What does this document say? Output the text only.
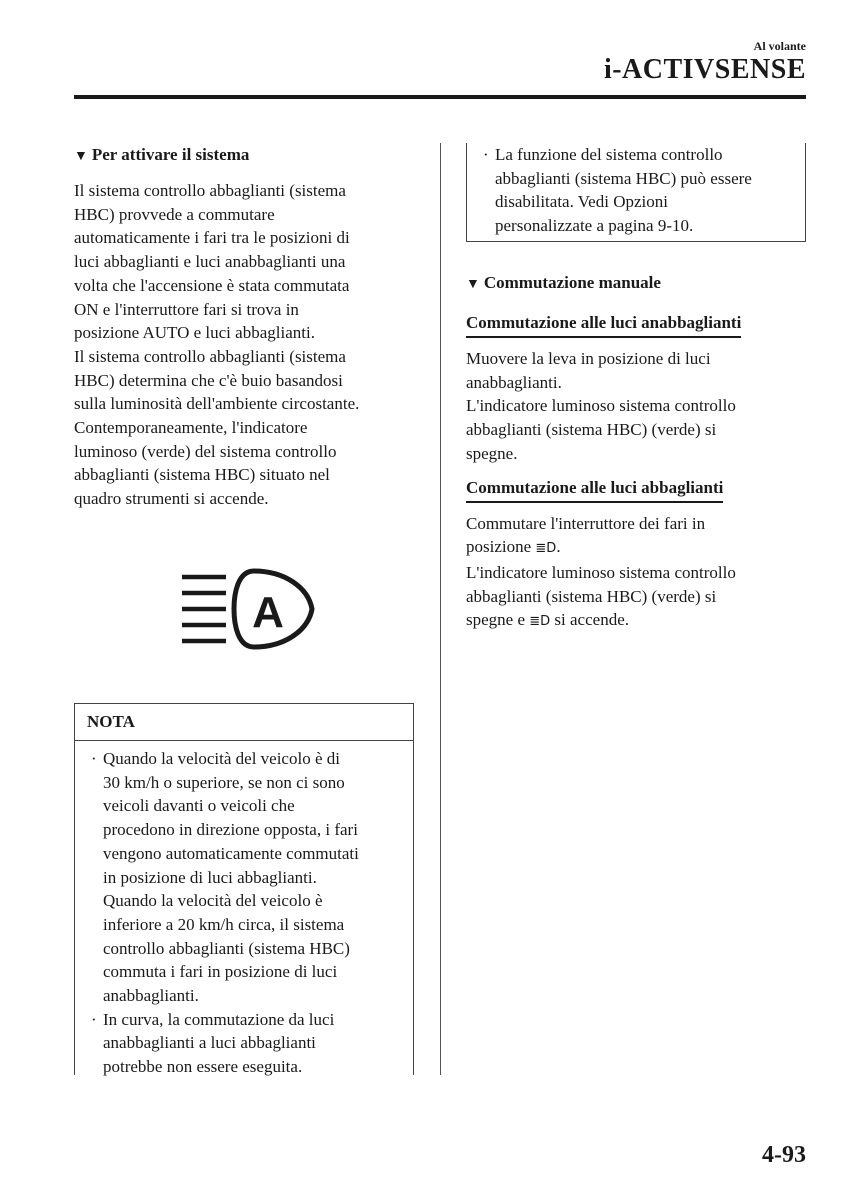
Al volante
i-ACTIVSENSE
▼ Per attivare il sistema

Il sistema controllo abbaglianti (sistema
HBC) provvede a commutare
automaticamente i fari tra le posizioni di
luci abbaglianti e luci anabbaglianti una
volta che l'accensione è stata commutata
ON e l'interruttore fari si trova in
posizione AUTO e luci abbaglianti.
Il sistema controllo abbaglianti (sistema
HBC) determina che c'è buio basandosi
sulla luminosità dell'ambiente circostante.
Contemporaneamente, l'indicatore
luminoso (verde) del sistema controllo
abbaglianti (sistema HBC) situato nel
quadro strumenti si accende.

A
NOTA
· Quando la velocità del veicolo è di
30 km/h o superiore, se non ci sono
veicoli davanti o veicoli che
procedono in direzione opposta, i fari
vengono automaticamente commutati
in posizione di luci abbaglianti.
Quando la velocità del veicolo è
inferiore a 20 km/h circa, il sistema
controllo abbaglianti (sistema HBC)
commuta i fari in posizione di luci
anabbaglianti.
· In curva, la commutazione da luci
anabbaglianti a luci abbaglianti
potrebbe non essere eseguita.
· La funzione del sistema controllo
abbaglianti (sistema HBC) può essere
disabilitata. Vedi Opzioni
personalizzate a pagina 9-10.
▼ Commutazione manuale
Commutazione alle luci anabbaglianti

Muovere la leva in posizione di luci
anabbaglianti.
L'indicatore luminoso sistema controllo
abbaglianti (sistema HBC) (verde) si
spegne.

Commutazione alle luci abbaglianti
Commutare l'interruttore dei fari in
posizione ≣D.
L'indicatore luminoso sistema controllo
abbaglianti (sistema HBC) (verde) si
spegne e ≣D si accende.
4-93
